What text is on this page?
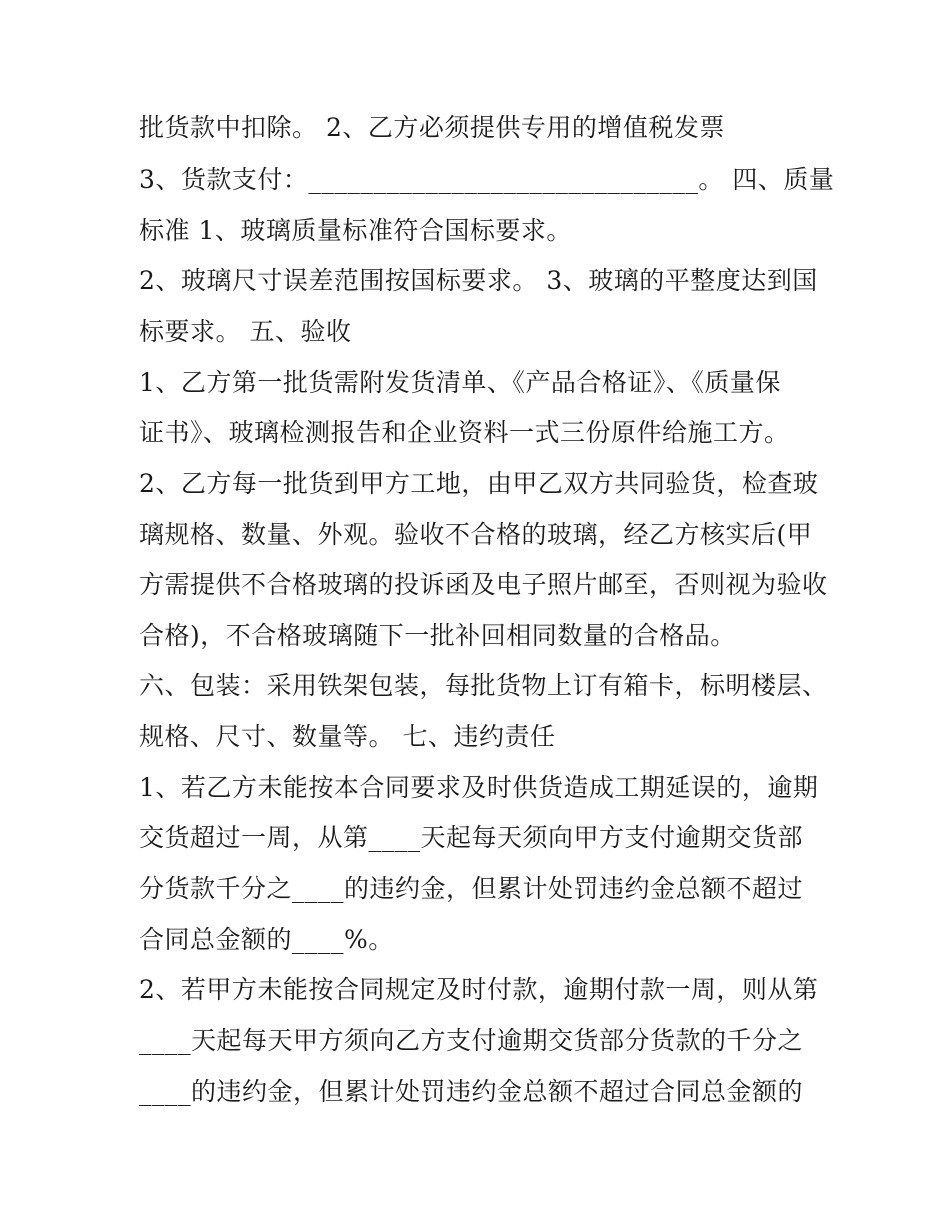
批货款中扣除。 2、乙方必须提供专用的增值税发票
3、货款支付：______________________________。 四、质量
标准 1、玻璃质量标准符合国标要求。
2、玻璃尺寸误差范围按国标要求。 3、玻璃的平整度达到国
标要求。 五、验收
1、乙方第一批货需附发货清单、《产品合格证》、《质量保
证书》、玻璃检测报告和企业资料一式三份原件给施工方。
2、乙方每一批货到甲方工地，由甲乙双方共同验货，检查玻
璃规格、数量、外观。验收不合格的玻璃，经乙方核实后(甲
方需提供不合格玻璃的投诉函及电子照片邮至，否则视为验收
合格)，不合格玻璃随下一批补回相同数量的合格品。
六、包装：采用铁架包装，每批货物上订有箱卡，标明楼层、
规格、尺寸、数量等。 七、违约责任
1、若乙方未能按本合同要求及时供货造成工期延误的，逾期
交货超过一周，从第____天起每天须向甲方支付逾期交货部
分货款千分之____的违约金，但累计处罚违约金总额不超过
合同总金额的____%。
2、若甲方未能按合同规定及时付款，逾期付款一周，则从第
____天起每天甲方须向乙方支付逾期交货部分货款的千分之
____的违约金，但累计处罚违约金总额不超过合同总金额的
